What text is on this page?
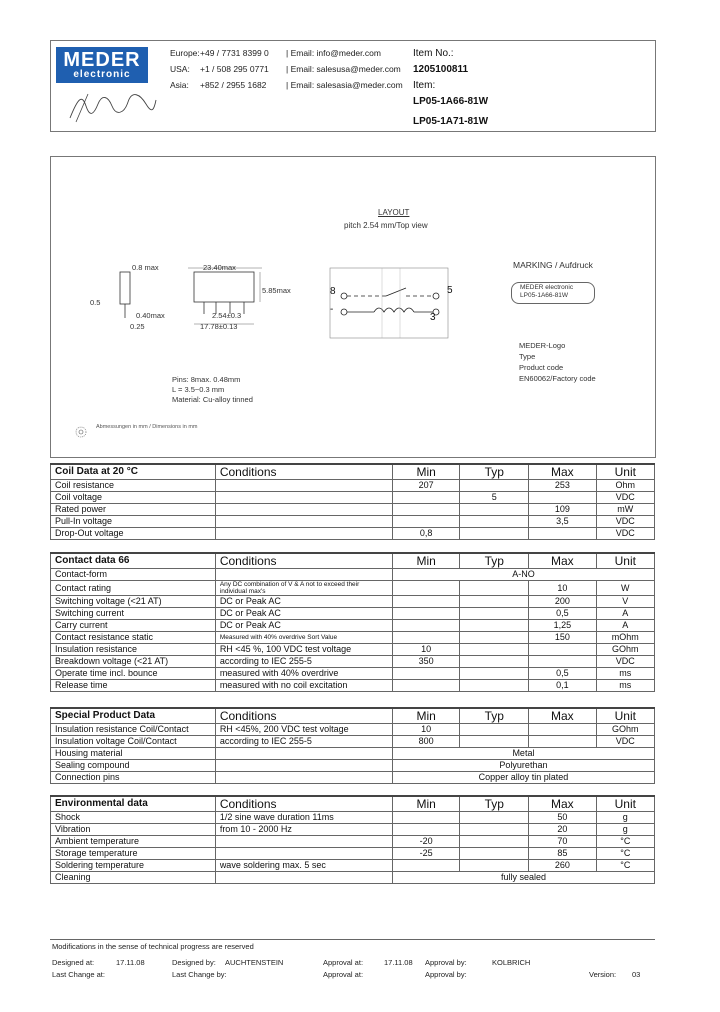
MEDER
electronic
Europe: +49 / 7731 8399 0 | Email: info@meder.com
USA: +1 / 508 295 0771 | Email: salesusa@meder.com
Asia: +852 / 2955 1682 | Email: salesasia@meder.com
Item No.:
1205100811
Item:
LP05-1A66-81W
LP05-1A71-81W
LAYOUT
pitch 2.54 mm/Top view
0.8 max	23.40max
5.85max
0.5
0.40max	2.54±0.3
17.78±0.13
0.25
8
-
5
3
MARKING / Aufdruck
MEDER electronic
LP05-1A66-81W
MEDER-Logo
Type
Product code
EN60062/Factory code
Pins: 8max. 0.48mm
L = 3.5~0.3 mm
Material: Cu-alloy tinned
Abmessungen in mm / Dimensions in mm
Coil Data at 20 °C	Conditions	Min	Typ	Max	Unit
Coil resistance		207		253	Ohm
Coil voltage			5		VDC
Rated power				109	mW
Pull-In voltage				3,5	VDC
Drop-Out voltage		0,8			VDC
Contact data 66	Conditions	Min	Typ	Max	Unit
Contact-form		A-NO			
Contact rating	Any DC combination of V & A not to exceed their individual max's			10	W
Switching voltage (<21 AT)	DC or Peak AC			200	V
Switching current	DC or Peak AC			0,5	A
Carry current	DC or Peak AC			1,25	A
Contact resistance static	Measured with 40% overdrive Sort Value			150	mOhm
Insulation resistance	RH <45 %, 100 VDC test voltage	10			GOhm
Breakdown voltage (<21 AT)	according to IEC 255-5	350			VDC
Operate time incl. bounce	measured with 40% overdrive			0,5	ms
Release time	measured with no coil excitation			0,1	ms
Special Product Data	Conditions	Min	Typ	Max	Unit
Insulation resistance Coil/Contact	RH <45%, 200 VDC test voltage	10			GOhm
Insulation voltage Coil/Contact	according to IEC 255-5	800			VDC
Housing material		Metal			
Sealing compound		Polyurethan			
Connection pins		Copper alloy tin plated			
Environmental data	Conditions	Min	Typ	Max	Unit
Shock	1/2 sine wave duration 11ms			50	g
Vibration	from 10 - 2000 Hz			20	g
Ambient temperature		-20		70	°C
Storage temperature		-25		85	°C
Soldering temperature	wave soldering max. 5 sec			260	°C
Cleaning		fully sealed			
Modifications in the sense of technical progress are reserved
Designed at:	17.11.08	Designed by: AUCHTENSTEIN	Approval at:	17.11.08 Approval by:	KOLBRICH
Last Change at:	Last Change by:	Approval at:	Approval by:	Version: 03
